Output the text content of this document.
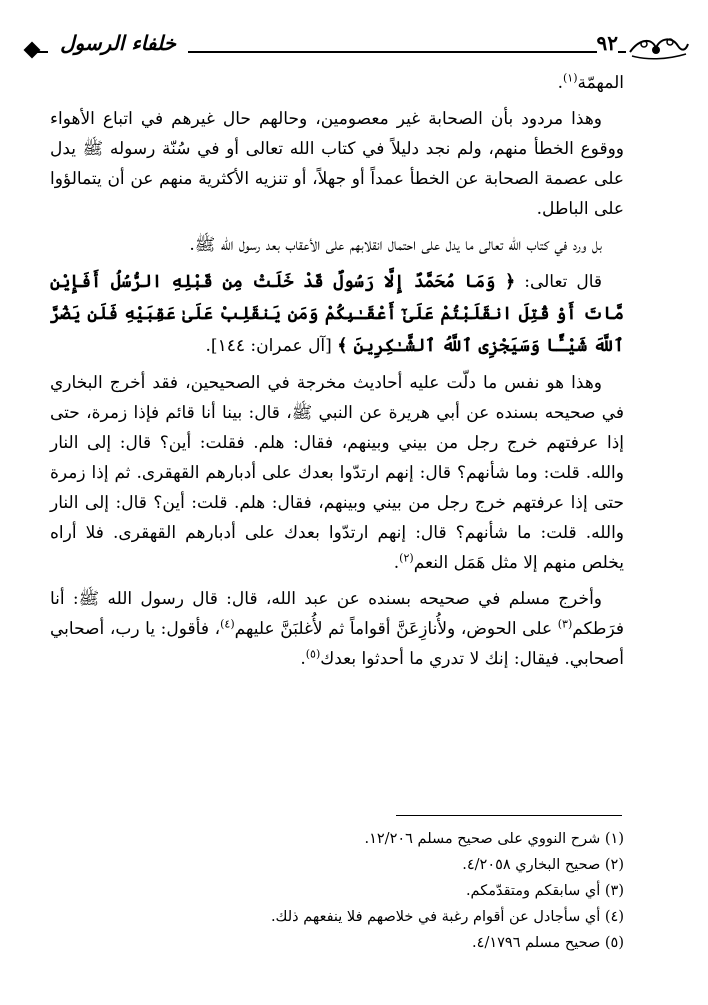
خلفاء الرسول	٩٢

المهمّة$^{(١)}$.

وهذا مردود بأن الصحابة غير معصومين، وحالهم حال غيرهم في اتباع الأهواء ووقوع الخطأ منهم، ولم نجد دليلاً في كتاب الله تعالى أو في سُنّة رسوله ﷺ يدل على عصمة الصحابة عن الخطأ عمداً أو جهلاً، أو تنزيه الأكثرية منهم عن أن يتمالؤوا على الباطل.

بل ورد في كتاب الله تعالى ما يدل على احتمال انقلابهم على الأعقاب بعد رسول الله ﷺ.

قال تعالى: ﴿ وَمَا مُحَمَّدٌ إِلَّا رَسُولٌ قَدْ خَلَتْ مِن قَبْلِهِ الرُّسُلُ أَفَإِيْن مَّاتَ أَوْ قُتِلَ انقَلَبْتُمْ عَلَىٰٓ أَعْقَـٰبِكُمْ وَمَن يَنقَلِبْ عَلَىٰ عَقِبَيْهِ فَلَن يَضُرَّ ٱللَّهَ شَيْـًٔا وَسَيَجْزِى ٱللَّهُ ٱلشَّـٰكِرِينَ ﴾ [آل عمران: ١٤٤].

وهذا هو نفس ما دلّت عليه أحاديث مخرجة في الصحيحين، فقد أخرج البخاري في صحيحه بسنده عن أبي هريرة عن النبي ﷺ، قال: بينا أنا قائم فإذا زمرة، حتى إذا عرفتهم خرج رجل من بيني وبينهم، فقال: هلم. فقلت: أين؟ قال: إلى النار والله. قلت: وما شأنهم؟ قال: إنهم ارتدّوا بعدك على أدبارهم القهقرى. ثم إذا زمرة حتى إذا عرفتهم خرج رجل من بيني وبينهم، فقال: هلم. قلت: أين؟ قال: إلى النار والله. قلت: ما شأنهم؟ قال: إنهم ارتدّوا بعدك على أدبارهم القهقرى. فلا أراه يخلص منهم إلا مثل هَمَل النعم$^{(٢)}$.

وأخرج مسلم في صحيحه بسنده عن عبد الله، قال: قال رسول الله ﷺ: أنا فرَطكم$^{(٣)}$ على الحوض، ولأُنازِعَنَّ أقواماً ثم لأُغلبَنَّ عليهم$^{(٤)}$، فأقول: يا رب، أصحابي أصحابي. فيقال: إنك لا تدري ما أحدثوا بعدك$^{(٥)}$.

(١) شرح النووي على صحيح مسلم ١٢/٢٠٦.
(٢) صحيح البخاري ٤/٢٠٥٨.
(٣) أي سابقكم ومتقدّمكم.
(٤) أي سأجادل عن أقوام رغبة في خلاصهم فلا ينفعهم ذلك.
(٥) صحيح مسلم ٤/١٧٩٦.
